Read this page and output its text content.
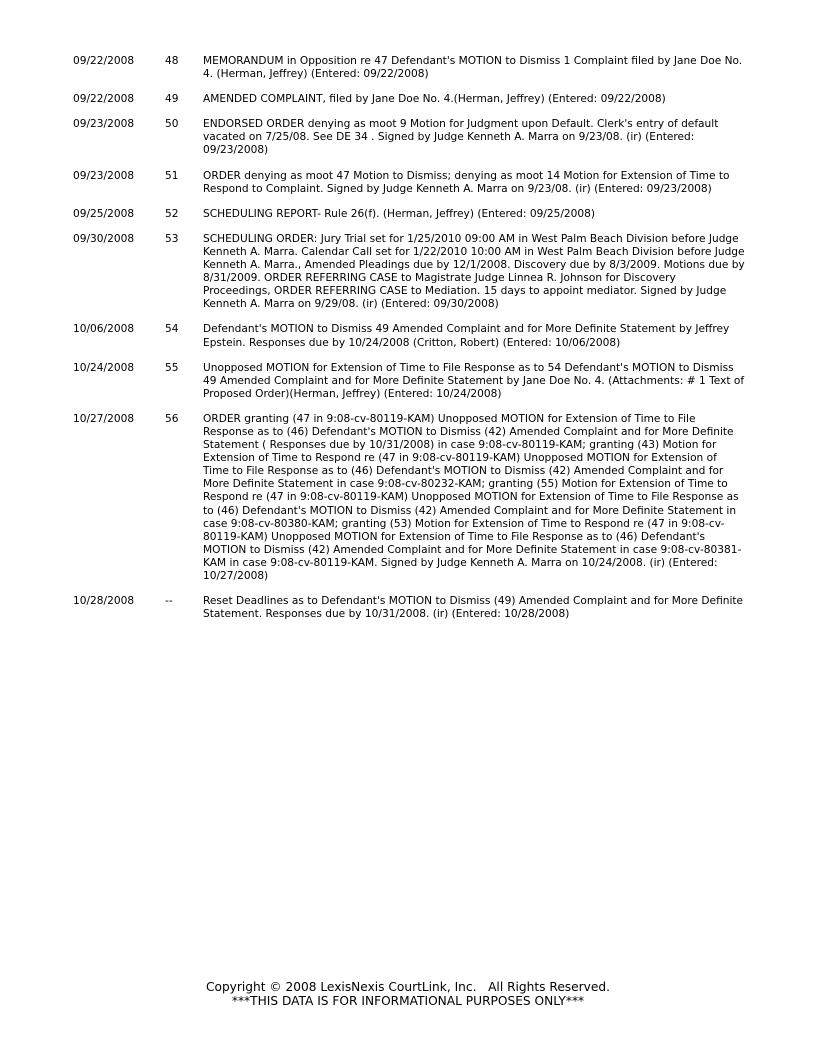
09/22/2008	48	MEMORANDUM in Opposition re 47 Defendant's MOTION to Dismiss 1 Complaint filed by Jane Doe No. 4. (Herman, Jeffrey) (Entered: 09/22/2008)
09/22/2008	49	AMENDED COMPLAINT, filed by Jane Doe No. 4.(Herman, Jeffrey) (Entered: 09/22/2008)
09/23/2008	50	ENDORSED ORDER denying as moot 9 Motion for Judgment upon Default. Clerk's entry of default vacated on 7/25/08. See DE 34 . Signed by Judge Kenneth A. Marra on 9/23/08. (ir) (Entered: 09/23/2008)
09/23/2008	51	ORDER denying as moot 47 Motion to Dismiss; denying as moot 14 Motion for Extension of Time to Respond to Complaint. Signed by Judge Kenneth A. Marra on 9/23/08. (ir) (Entered: 09/23/2008)
09/25/2008	52	SCHEDULING REPORT- Rule 26(f). (Herman, Jeffrey) (Entered: 09/25/2008)
09/30/2008	53	SCHEDULING ORDER: Jury Trial set for 1/25/2010 09:00 AM in West Palm Beach Division before Judge Kenneth A. Marra. Calendar Call set for 1/22/2010 10:00 AM in West Palm Beach Division before Judge Kenneth A. Marra., Amended Pleadings due by 12/1/2008. Discovery due by 8/3/2009. Motions due by 8/31/2009. ORDER REFERRING CASE to Magistrate Judge Linnea R. Johnson for Discovery Proceedings, ORDER REFERRING CASE to Mediation. 15 days to appoint mediator. Signed by Judge Kenneth A. Marra on 9/29/08. (ir) (Entered: 09/30/2008)
10/06/2008	54	Defendant's MOTION to Dismiss 49 Amended Complaint and for More Definite Statement by Jeffrey Epstein. Responses due by 10/24/2008 (Critton, Robert) (Entered: 10/06/2008)
10/24/2008	55	Unopposed MOTION for Extension of Time to File Response as to 54 Defendant's MOTION to Dismiss 49 Amended Complaint and for More Definite Statement by Jane Doe No. 4. (Attachments: # 1 Text of Proposed Order)(Herman, Jeffrey) (Entered: 10/24/2008)
10/27/2008	56	ORDER granting (47 in 9:08-cv-80119-KAM) Unopposed MOTION for Extension of Time to File Response as to (46) Defendant's MOTION to Dismiss (42) Amended Complaint and for More Definite Statement ( Responses due by 10/31/2008) in case 9:08-cv-80119-KAM; granting (43) Motion for Extension of Time to Respond re (47 in 9:08-cv-80119-KAM) Unopposed MOTION for Extension of Time to File Response as to (46) Defendant's MOTION to Dismiss (42) Amended Complaint and for More Definite Statement in case 9:08-cv-80232-KAM; granting (55) Motion for Extension of Time to Respond re (47 in 9:08-cv-80119-KAM) Unopposed MOTION for Extension of Time to File Response as to (46) Defendant's MOTION to Dismiss (42) Amended Complaint and for More Definite Statement in case 9:08-cv-80380-KAM; granting (53) Motion for Extension of Time to Respond re (47 in 9:08-cv-80119-KAM) Unopposed MOTION for Extension of Time to File Response as to (46) Defendant's MOTION to Dismiss (42) Amended Complaint and for More Definite Statement in case 9:08-cv-80381-KAM in case 9:08-cv-80119-KAM. Signed by Judge Kenneth A. Marra on 10/24/2008. (ir) (Entered: 10/27/2008)
10/28/2008	--	Reset Deadlines as to Defendant's MOTION to Dismiss (49) Amended Complaint and for More Definite Statement. Responses due by 10/31/2008. (ir) (Entered: 10/28/2008)
Copyright © 2008 LexisNexis CourtLink, Inc.   All Rights Reserved.
***THIS DATA IS FOR INFORMATIONAL PURPOSES ONLY***
